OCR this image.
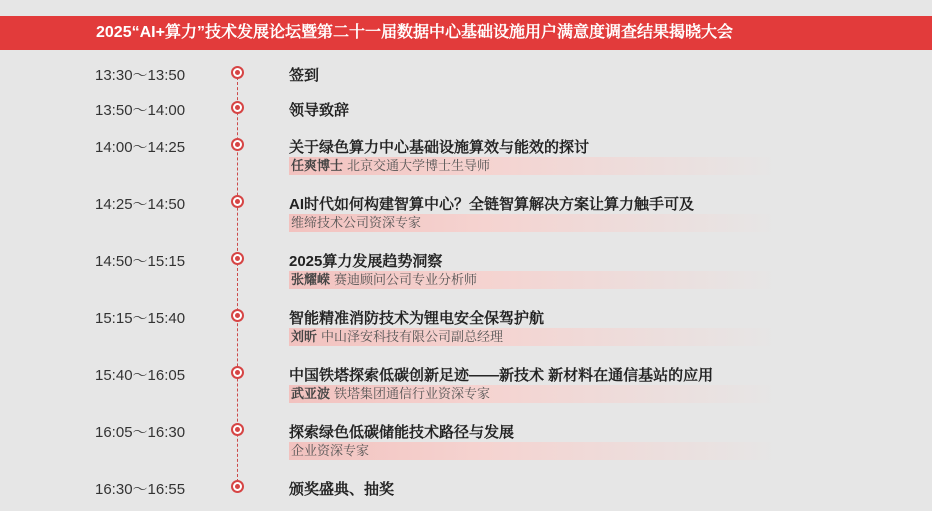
2025“AI+算力”技术发展论坛暨第二十一届数据中心基础设施用户满意度调查结果揭晓大会
13:30～13:50	签到
13:50～14:00	领导致辞
14:00～14:25	关于绿色算力中心基础设施算效与能效的探讨
任爽博士 北京交通大学博士生导师
14:25～14:50	AI时代如何构建智算中心？全链智算解决方案让算力触手可及
维缔技术公司资深专家
14:50～15:15	2025算力发展趋势洞察
张耀嵘 赛迪顾问公司专业分析师
15:15～15:40	智能精准消防技术为锂电安全保驾护航
刘昕 中山泽安科技有限公司副总经理
15:40～16:05	中国铁塔探索低碳创新足迹——新技术 新材料在通信基站的应用
武亚波 铁塔集团通信行业资深专家
16:05～16:30	探索绿色低碳储能技术路径与发展
企业资深专家
16:30～16:55	颁奖盛典、抽奖
